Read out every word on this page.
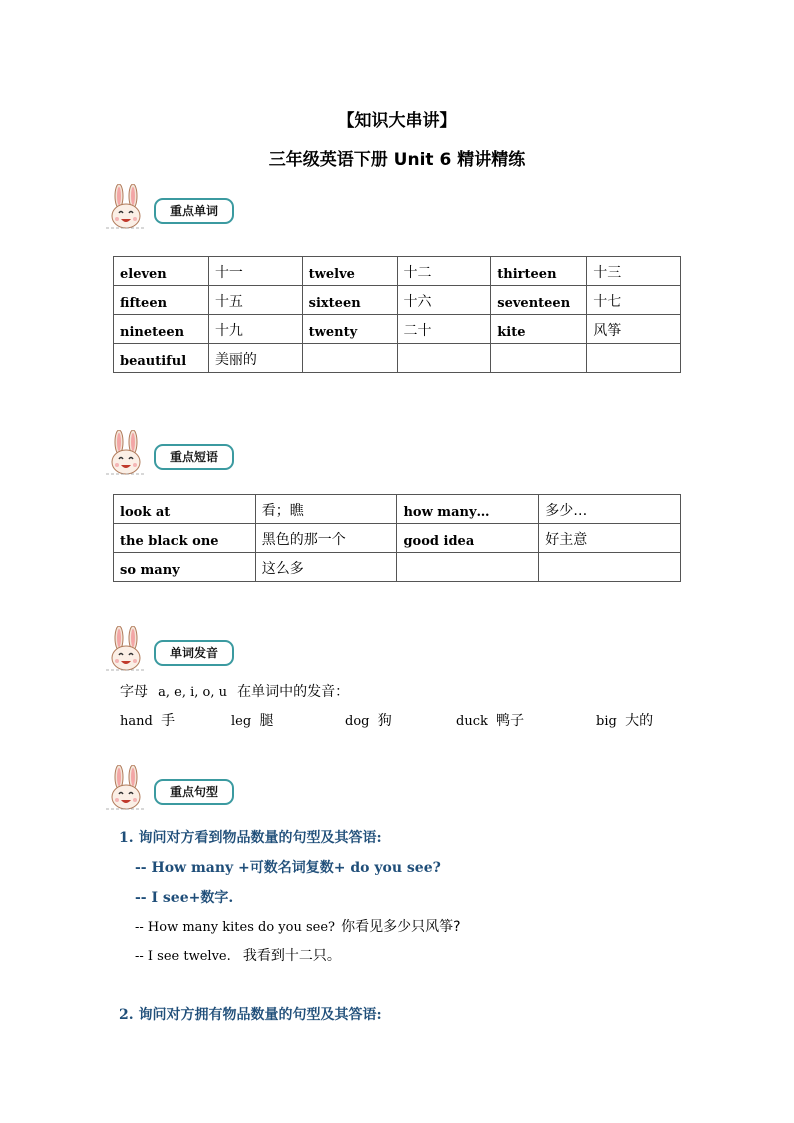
【知识大串讲】
三年级英语下册 Unit 6 精讲精练
重点单词
eleven	十一	twelve	十二	thirteen	十三
fifteen	十五	sixteen	十六	seventeen	十七
nineteen	十九	twenty	二十	kite	风筝
beautiful	美丽的				
重点短语
look at	看；瞧	how many…	多少…
the black one	黑色的那一个	good idea	好主意
so many	这么多		
单词发音
字母 a, e, i, o, u 在单词中的发音：
hand 手	leg 腿	dog 狗	duck 鸭子	big 大的
重点句型
1. 询问对方看到物品数量的句型及其答语:
-- How many +可数名词复数+ do you see?
-- I see+数字.
-- How many kites do you see? 你看见多少只风筝?
-- I see twelve. 我看到十二只。
2. 询问对方拥有物品数量的句型及其答语:
